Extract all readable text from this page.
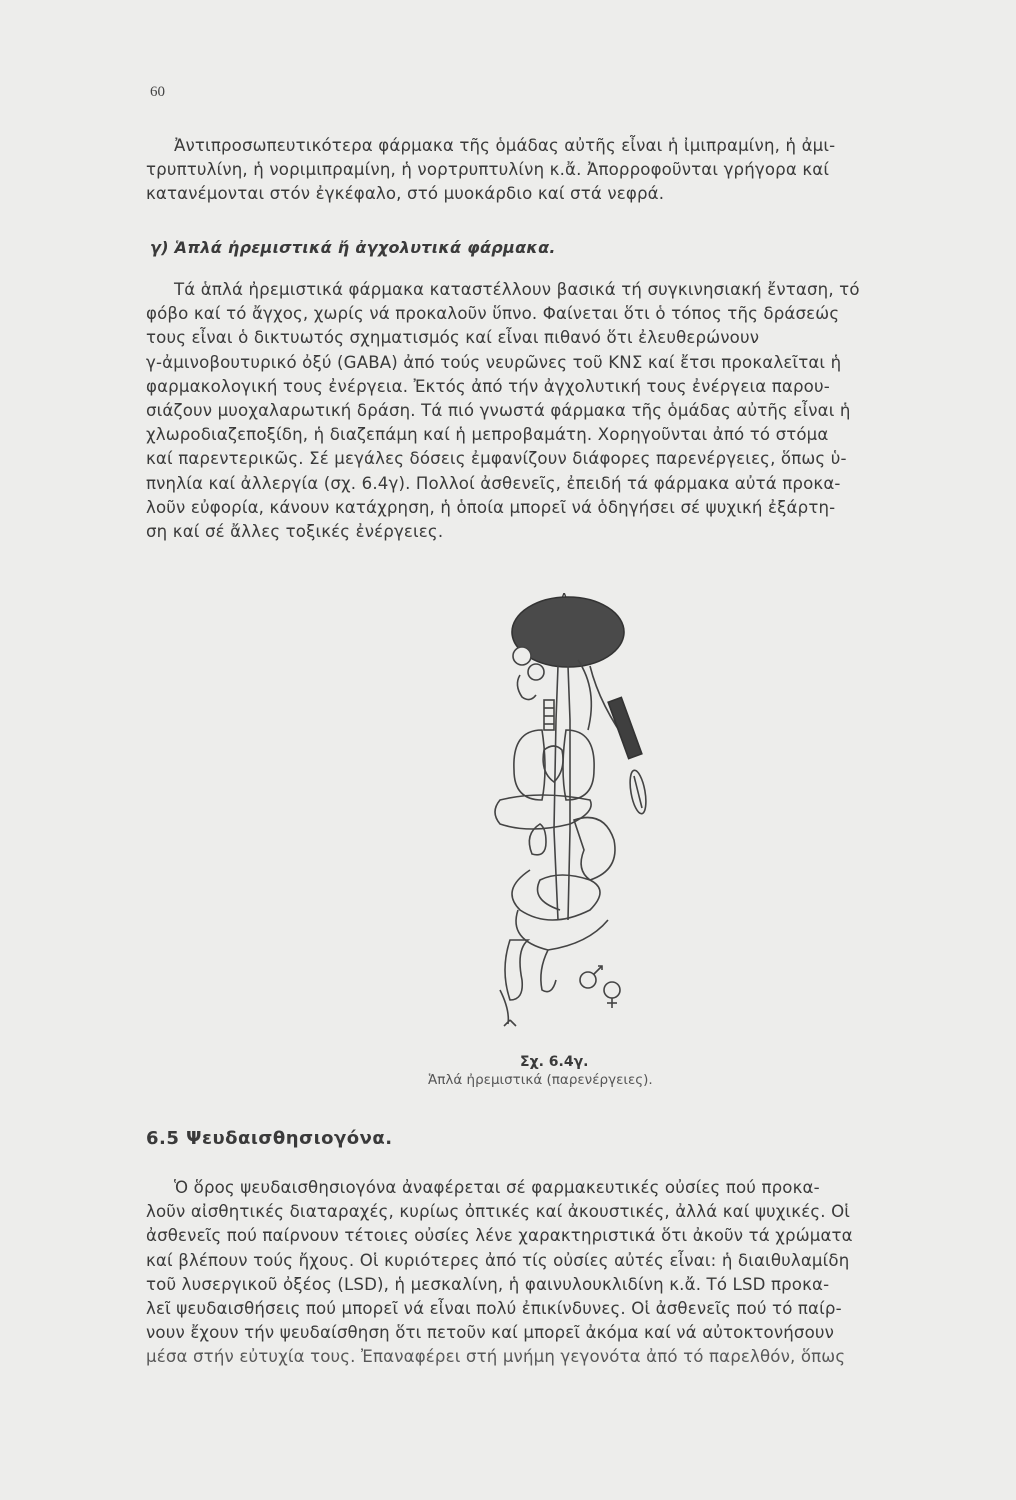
60

Ἀντιπροσωπευτικότερα φάρμακα τῆς ὁμάδας αὐτῆς εἶναι ἡ ἰμιπραμίνη, ἡ ἀμι-
τρυπτυλίνη, ἡ νοριμιπραμίνη, ἡ νορτρυπτυλίνη κ.ἄ. Ἀπορροφοῦνται γρήγορα καί
κατανέμονται στόν ἐγκέφαλο, στό μυοκάρδιο καί στά νεφρά.

γ) Ἁπλά ἠρεμιστικά ἤ ἀγχολυτικά φάρμακα.

Τά ἁπλά ἠρεμιστικά φάρμακα καταστέλλουν βασικά τή συγκινησιακή ἔνταση, τό
φόβο καί τό ἄγχος, χωρίς νά προκαλοῦν ὕπνο. Φαίνεται ὅτι ὁ τόπος τῆς δράσεώς
τους εἶναι ὁ δικτυωτός σχηματισμός καί εἶναι πιθανό ὅτι ἐλευθερώνουν
γ-ἀμινοβουτυρικό ὀξύ (GABA) ἀπό τούς νευρῶνες τοῦ ΚΝΣ καί ἔτσι προκαλεῖται ἡ
φαρμακολογική τους ἐνέργεια. Ἐκτός ἀπό τήν ἀγχολυτική τους ἐνέργεια παρου-
σιάζουν μυοχαλαρωτική δράση. Τά πιό γνωστά φάρμακα τῆς ὁμάδας αὐτῆς εἶναι ἡ
χλωροδιαζεποξίδη, ἡ διαζεπάμη καί ἡ μεπροβαμάτη. Χορηγοῦνται ἀπό τό στόμα
καί παρεντερικῶς. Σέ μεγάλες δόσεις ἐμφανίζουν διάφορες παρενέργειες, ὅπως ὑ-
πνηλία καί ἀλλεργία (σχ. 6.4γ). Πολλοί ἀσθενεῖς, ἐπειδή τά φάρμακα αὐτά προκα-
λοῦν εὐφορία, κάνουν κατάχρηση, ἡ ὁποία μπορεῖ νά ὁδηγήσει σέ ψυχική ἐξάρτη-
ση καί σέ ἄλλες τοξικές ἐνέργειες.

Σχ. 6.4γ.
Ἁπλά ἠρεμιστικά (παρενέργειες).
6.5 Ψευδαισθησιογόνα.

Ὁ ὅρος ψευδαισθησιογόνα ἀναφέρεται σέ φαρμακευτικές οὐσίες πού προκα-
λοῦν αἰσθητικές διαταραχές, κυρίως ὀπτικές καί ἀκουστικές, ἀλλά καί ψυχικές. Οἱ
ἀσθενεῖς πού παίρνουν τέτοιες οὐσίες λένε χαρακτηριστικά ὅτι ἀκοῦν τά χρώματα
καί βλέπουν τούς ἤχους. Οἱ κυριότερες ἀπό τίς οὐσίες αὐτές εἶναι: ἡ διαιθυλαμίδη
τοῦ λυσεργικοῦ ὀξέος (LSD), ἡ μεσκαλίνη, ἡ φαινυλουκλιδίνη κ.ἄ. Τό LSD προκα-
λεῖ ψευδαισθήσεις πού μπορεῖ νά εἶναι πολύ ἐπικίνδυνες. Οἱ ἀσθενεῖς πού τό παίρ-
νουν ἔχουν τήν ψευδαίσθηση ὅτι πετοῦν καί μπορεῖ ἀκόμα καί νά αὐτοκτονήσουν
μέσα στήν εὐτυχία τους. Ἐπαναφέρει στή μνήμη γεγονότα ἀπό τό παρελθόν, ὅπως
